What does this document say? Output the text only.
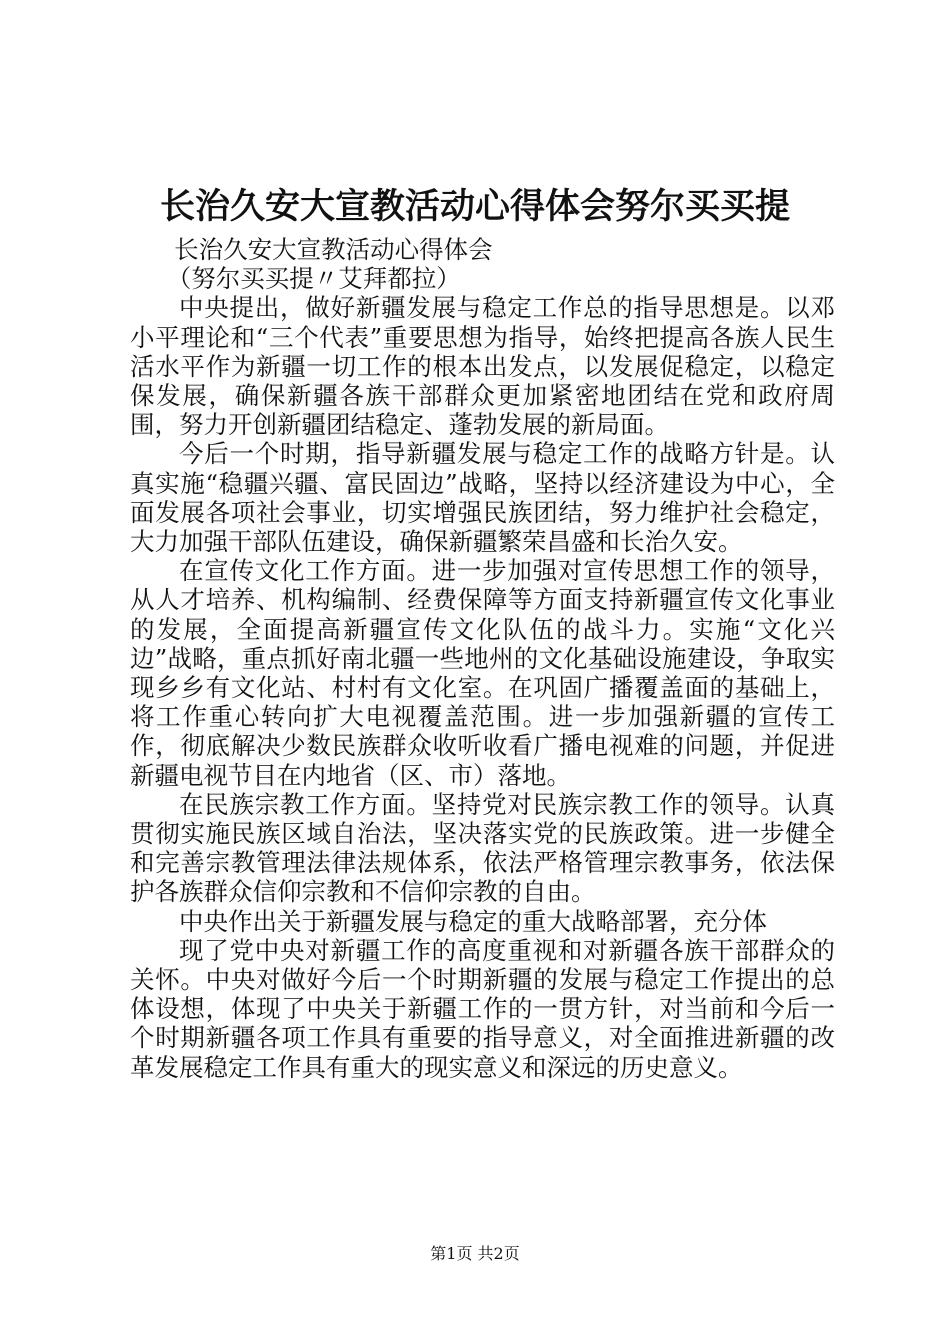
长治久安大宣教活动心得体会努尔买买提

长治久安大宣教活动心得体会

（努尔买买提〃艾拜都拉）

中央提出，做好新疆发展与稳定工作总的指导思想是。以邓小平理论和“三个代表”重要思想为指导，始终把提高各族人民生活水平作为新疆一切工作的根本出发点，以发展促稳定，以稳定保发展，确保新疆各族干部群众更加紧密地团结在党和政府周围，努力开创新疆团结稳定、蓬勃发展的新局面。

今后一个时期，指导新疆发展与稳定工作的战略方针是。认真实施“稳疆兴疆、富民固边”战略，坚持以经济建设为中心，全面发展各项社会事业，切实增强民族团结，努力维护社会稳定，大力加强干部队伍建设，确保新疆繁荣昌盛和长治久安。

在宣传文化工作方面。进一步加强对宣传思想工作的领导，从人才培养、机构编制、经费保障等方面支持新疆宣传文化事业的发展，全面提高新疆宣传文化队伍的战斗力。实施“文化兴边”战略，重点抓好南北疆一些地州的文化基础设施建设，争取实现乡乡有文化站、村村有文化室。在巩固广播覆盖面的基础上，将工作重心转向扩大电视覆盖范围。进一步加强新疆的宣传工作，彻底解决少数民族群众收听收看广播电视难的问题，并促进新疆电视节目在内地省（区、市）落地。

在民族宗教工作方面。坚持党对民族宗教工作的领导。认真贯彻实施民族区域自治法，坚决落实党的民族政策。进一步健全和完善宗教管理法律法规体系，依法严格管理宗教事务，依法保护各族群众信仰宗教和不信仰宗教的自由。

中央作出关于新疆发展与稳定的重大战略部署，充分体

现了党中央对新疆工作的高度重视和对新疆各族干部群众的关怀。中央对做好今后一个时期新疆的发展与稳定工作提出的总体设想，体现了中央关于新疆工作的一贯方针，对当前和今后一个时期新疆各项工作具有重要的指导意义，对全面推进新疆的改革发展稳定工作具有重大的现实意义和深远的历史意义。

第1页 共2页
